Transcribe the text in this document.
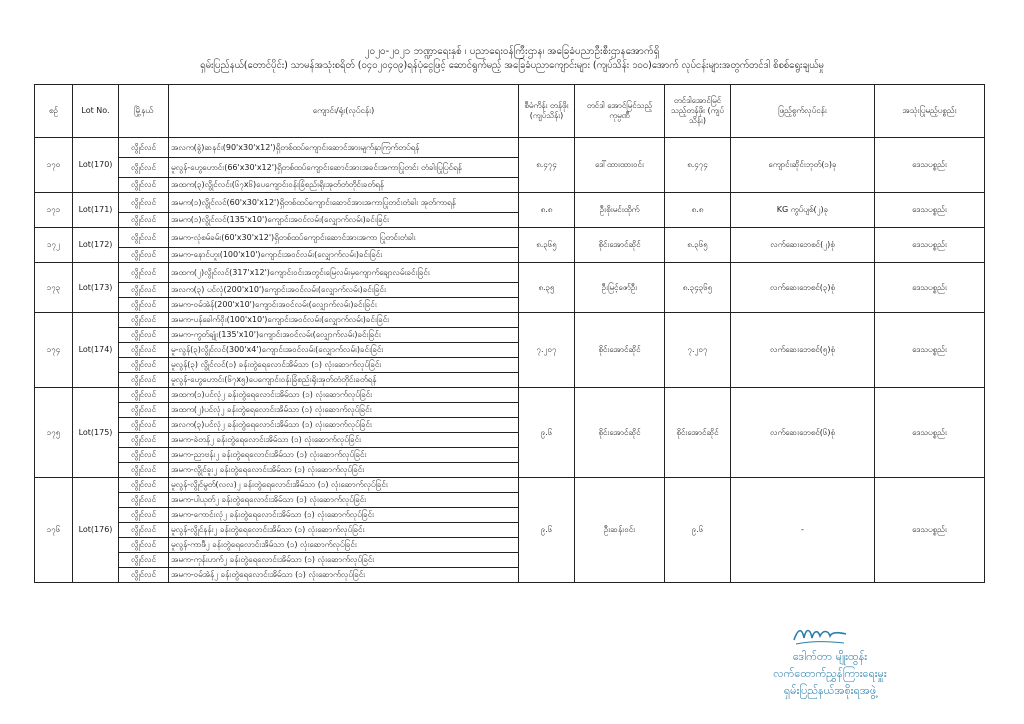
၂၀၂၀-၂၀၂၁ ဘဏ္ဍာရေးနှစ် ၊ ပညာရေးဝန်ကြီးဌာန၊ အခြေခံပညာဦးစီးဌာနအောက်ရှိ
ရှမ်းပြည်နယ်(တောင်ပိုင်း) သာမန်အသုံးစရိတ် (၀၄၀၂၀၄၀၉)ရန်ပုံငွေဖြင့် ဆောင်ရွက်မည့် အခြေခံပညာကျောင်းများ (ကျပ်သိန်း ၁၀၀)အောက် လုပ်ငန်းများအတွက်တင်ဒါ စိစစ်ရွေးချယ်မှု
စဉ်	Lot No.	မြို့နယ်	ကျောင်း/ရုံး(လုပ်ငန်း)	စီမံကိန်း တန်ဖိုး (ကျပ်သိန်း)	တင်ဒါ အောင်မြင်သည့်ကုမ္ပဏီ	တင်ဒါအောင်မြင် သည့်တန်ဖိုး (ကျပ်သိန်း)	ဖြည့်စွက်လုပ်ငန်း	အသုံးပြုမည့်ပစ္စည်း
၁၇၀	Lot(170)	လွိုင်လင်	အလက(ခွဲ)ဆနင်း(90'x30'x12')ရှိတစ်ထပ်ကျောင်းဆောင်အားမျက်နှာကြက်တပ်ရန်	၈.၄၇၄	ဒေါ်ထားထားဝင်း	၈.၄၇၄	ကျောင်းဆိုင်းဘုတ်(၁)ခု	ဒေသပစ္စည်း
		လွိုင်လင်	မူလွန်-ဟွေဟောင်း(66'x30'x12')ရှိတစ်ထပ်ကျောင်းဆောင်အားအခင်းအကာပြုတင်း တံခါးပြုပြင်ရန်					
		လွိုင်လင်	အထက(၃)လွိုင်လင်း(၆၇x၆)ပေကျောင်းဝန်းခြံစည်းရိုးအုတ်တံတိုင်းခတ်ရန်					
၁၇၁	Lot(171)	လွိုင်လင်	အမက(၁)လွိုင်လင်(60'x30'x12')ရှိတစ်ထပ်ကျောင်းဆောင်အားအကာပြုတင်းတံခါး အုတ်ကာရန်	၈.၈	ဦးစိုးမင်းထိုက်	၈.၈	KG ကွပ်ပျစ်(၂)ခု	ဒေသပစ္စည်း
		လွိုင်လင်	အမက(၁)လွိုင်လင်(135'x10')ကျောင်းအဝင်လမ်း(လျှောက်လမ်း)ခင်းခြင်း					
၁၇၂	Lot(172)	လွိုင်လင်	အမက-လုံစမ်ခမ်း(60'x30'x12')ရှိတစ်ထပ်ကျောင်းဆောင်အားအကာ ပြုတင်းတံခါး	၈.၃၆၅	စိုင်းအောင်ဆိုင်	၈.၃၆၅	လက်ဆေးဘေစင်(၂)စုံ	ဒေသပစ္စည်း
		လွိုင်လင်	အမက-နောင်ဟူး(100'x10')ကျောင်းအဝင်လမ်း(လျှောက်လမ်း)ခင်းခြင်း					
၁၇၃	Lot(173)	လွိုင်လင်	အထက(၂)လွိုင်လင်(317'x12')ကျောင်းဝင်းအတွင်းမြေလမ်းမှကျောက်ချောလမ်းခင်းခြင်း	၈.၃၅	ဦးမြင့်ဇော်ဦး	၈.၃၄၃၆၅	လက်ဆေးဘေစင်(၃)စုံ	ဒေသပစ္စည်း
		လွိုင်လင်	အလက(၃) ပင်လုံ(200'x10')ကျောင်းအဝင်လမ်း(လျှောက်လမ်း)ခင်းခြင်း					
		လွိုင်လင်	အမက-ဝမ်အဲန်(200'x10')ကျောင်းအဝင်လမ်း(လျှောက်လမ်း)ခင်းခြင်း					
၁၇၄	Lot(174)	လွိုင်လင်	အမက-ပန်ခေါက်ဝိုး(100'x10')ကျောင်းအဝင်လမ်း(လျှောက်လမ်း)ခင်းခြင်း	၇.၂၀၇	စိုင်းအောင်ဆိုင်	၇.၂၀၇	လက်ဆေးဘေစင်(၅)စုံ	ဒေသပစ္စည်း
		လွိုင်လင်	အမက-ကွတ်ချုံး(135'x10')ကျောင်းအဝင်လမ်း(လျှောက်လမ်း)ခင်းခြင်း					
		လွိုင်လင်	မူ-လွန်(၃)လွိုင်လင်(300'x4')ကျောင်းအဝင်လမ်း(လျှောက်လမ်း)ခင်းခြင်း					
		လွိုင်လင်	မူလွန်(၃) လွိုင်လင်(၁) ခန်းတွဲရေလောင်အိမ်သာ (၁) လုံးဆောက်လုပ်ခြင်း					
		လွိုင်လင်	မူလွန်-ဟွေဟောင်း(၆၇x၅)ပေကျောင်းဝန်းခြံစည်းရိုးအုတ်တံတိုင်းခတ်ရန်					
၁၇၅	Lot(175)	လွိုင်လင်	အထက(၁)ပင်လုံ၂ ခန်းတွဲရေလောင်းအိမ်သာ (၁) လုံးဆောက်လုပ်ခြင်း	၉.၆	စိုင်းအောင်ဆိုင်	စိုင်းအောင်ဆိုင်	လက်ဆေးဘေစင်(၆)စုံ	ဒေသပစ္စည်း
		လွိုင်လင်	အထက(၂)ပင်လုံ၂ ခန်းတွဲရေလောင်းအိမ်သာ (၁) လုံးဆောက်လုပ်ခြင်း					
		လွိုင်လင်	အလက(၃)ပင်လုံ၂ ခန်းတွဲရေလောင်းအိမ်သာ (၁) လုံးဆောက်လုပ်ခြင်း					
		လွိုင်လင်	အမက-ခဲတန်၂ ခန်းတွဲရေလောင်းအိမ်သာ (၁) လုံးဆောက်လုပ်ခြင်း					
		လွိုင်လင်	အမက-ညာဗန်း၂ ခန်းတွဲရေလောင်းအိမ်သာ (၁) လုံးဆောက်လုပ်ခြင်း					
		လွိုင်လင်	အမက-လွိုင်ခူး၂ ခန်းတွဲရေလောင်းအိမ်သာ (၁) လုံးဆောက်လုပ်ခြင်း					
၁၇၆	Lot(176)	လွိုင်လင်	မူလွန်-လွိုင်မွတ်(လလ)၂ ခန်းတွဲရေလောင်းအိမ်သာ (၁) လုံးဆောက်လုပ်ခြင်း	၉.၆	ဦးဆန်းဝင်း	၉.၆	-	ဒေသပစ္စည်း
		လွိုင်လင်	အမက-ပါယုတ်၂ ခန်းတွဲရေလောင်းအိမ်သာ (၁) လုံးဆောက်လုပ်ခြင်း					
		လွိုင်လင်	အမက-ကောင်းလုံ၂ ခန်းတွဲရေလောင်းအိမ်သာ (၁) လုံးဆောက်လုပ်ခြင်း					
		လွိုင်လင်	မူလွန်-လွိုင်နန်း၂ ခန်းတွဲရေလောင်းအိမ်သာ (၁) လုံးဆောက်လုပ်ခြင်း					
		လွိုင်လင်	မူလွန်-ကာဖီ၂ ခန်းတွဲရေလောင်းအိမ်သာ (၁) လုံးဆောက်လုပ်ခြင်း					
		လွိုင်လင်	အမက-ကုန်းဟက်၂ ခန်းတွဲရေလောင်းအိမ်သာ (၁) လုံးဆောက်လုပ်ခြင်း					
		လွိုင်လင်	အမက-ဝမ်အဲန်၂ ခန်းတွဲရေလောင်းအိမ်သာ (၁) လုံးဆောက်လုပ်ခြင်း					
ဒေါက်တာ မျိုးထွန်း
လက်ထောက်ညွှန်ကြားရေးမှူး
ရှမ်းပြည်နယ်အစိုးရအဖွဲ့
